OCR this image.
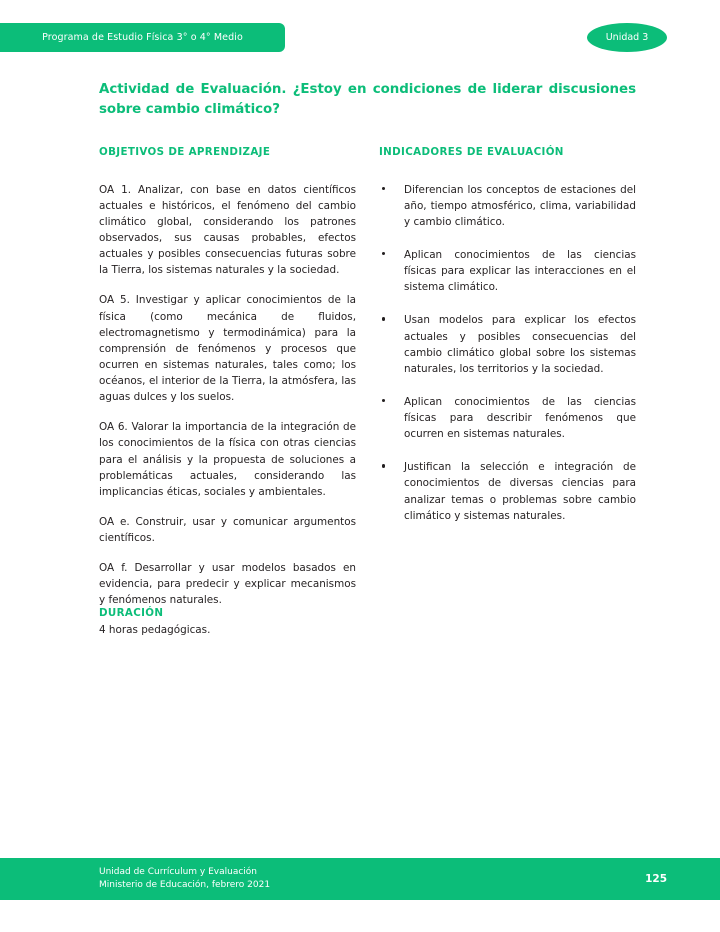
Programa de Estudio Física 3° o 4° Medio	Unidad 3
Actividad de Evaluación. ¿Estoy en condiciones de liderar discusiones sobre cambio climático?
OBJETIVOS DE APRENDIZAJE

OA 1. Analizar, con base en datos científicos actuales e históricos, el fenómeno del cambio climático global, considerando los patrones observados, sus causas probables, efectos actuales y posibles consecuencias futuras sobre la Tierra, los sistemas naturales y la sociedad.

OA 5. Investigar y aplicar conocimientos de la física (como mecánica de fluidos, electromagnetismo y termodinámica) para la comprensión de fenómenos y procesos que ocurren en sistemas naturales, tales como; los océanos, el interior de la Tierra, la atmósfera, las aguas dulces y los suelos.

OA 6. Valorar la importancia de la integración de los conocimientos de la física con otras ciencias para el análisis y la propuesta de soluciones a problemáticas actuales, considerando las implicancias éticas, sociales y ambientales.

OA e. Construir, usar y comunicar argumentos científicos.

OA f. Desarrollar y usar modelos basados en evidencia, para predecir y explicar mecanismos y fenómenos naturales.

INDICADORES DE EVALUACIÓN
Diferencian los conceptos de estaciones del año, tiempo atmosférico, clima, variabilidad y cambio climático.
Aplican conocimientos de las ciencias físicas para explicar las interacciones en el sistema climático.
Usan modelos para explicar los efectos actuales y posibles consecuencias del cambio climático global sobre los sistemas naturales, los territorios y la sociedad.
Aplican conocimientos de las ciencias físicas para describir fenómenos que ocurren en sistemas naturales.
Justifican la selección e integración de conocimientos de diversas ciencias para analizar temas o problemas sobre cambio climático y sistemas naturales.
DURACIÓN

4 horas pedagógicas.

Unidad de Currículum y Evaluación
Ministerio de Educación, febrero 2021	125
